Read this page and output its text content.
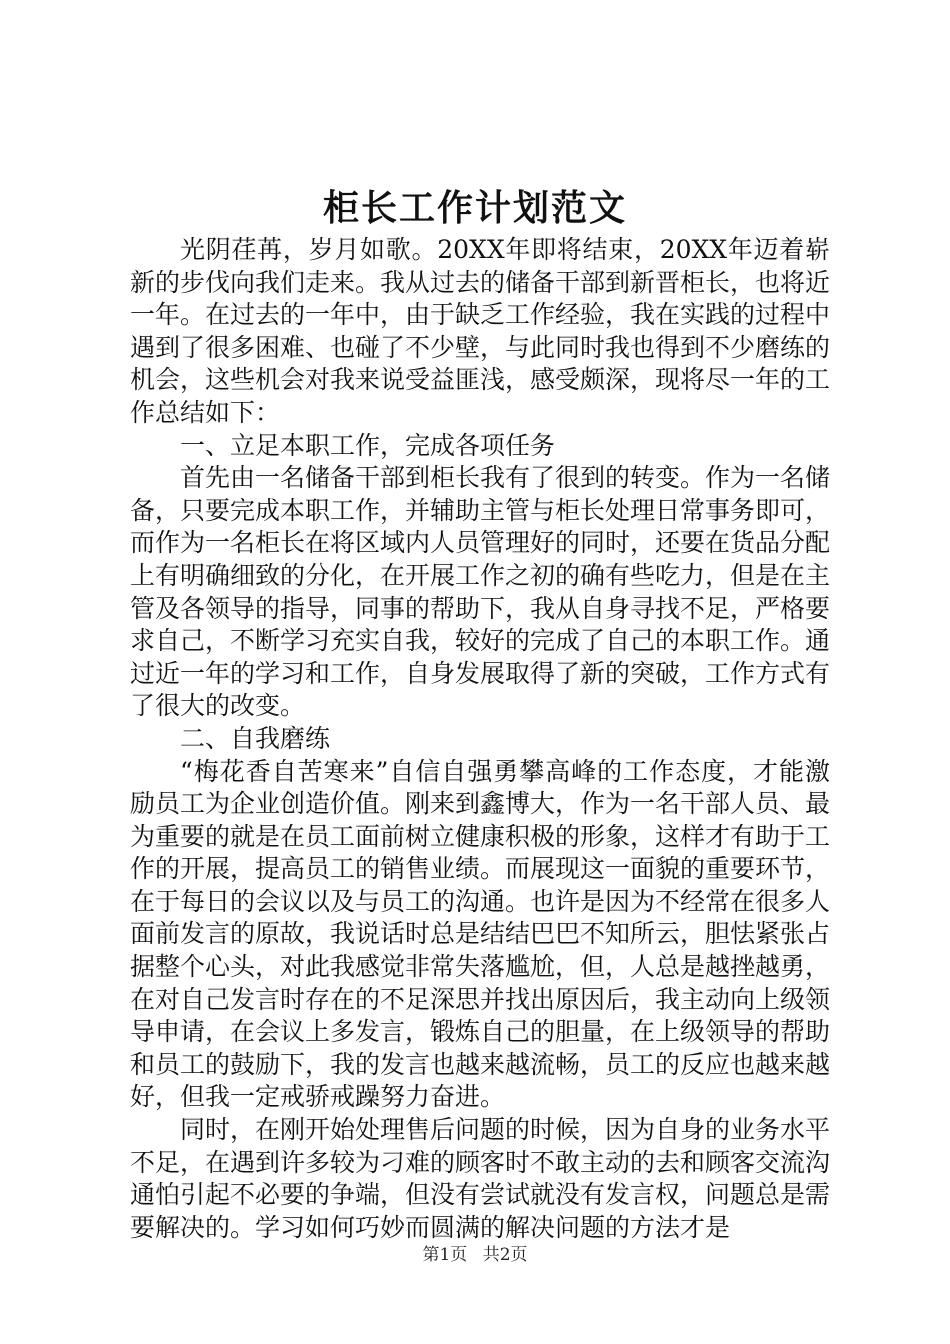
柜长工作计划范文

光阴荏苒，岁月如歌。20XX年即将结束，20XX年迈着崭新的步伐向我们走来。我从过去的储备干部到新晋柜长，也将近一年。在过去的一年中，由于缺乏工作经验，我在实践的过程中遇到了很多困难、也碰了不少壁，与此同时我也得到不少磨练的机会，这些机会对我来说受益匪浅，感受颇深，现将尽一年的工作总结如下：

一、立足本职工作，完成各项任务

首先由一名储备干部到柜长我有了很到的转变。作为一名储备，只要完成本职工作，并辅助主管与柜长处理日常事务即可，而作为一名柜长在将区域内人员管理好的同时，还要在货品分配上有明确细致的分化，在开展工作之初的确有些吃力，但是在主管及各领导的指导，同事的帮助下，我从自身寻找不足，严格要求自己，不断学习充实自我，较好的完成了自己的本职工作。通过近一年的学习和工作，自身发展取得了新的突破，工作方式有了很大的改变。

二、自我磨练

“梅花香自苦寒来”自信自强勇攀高峰的工作态度，才能激励员工为企业创造价值。刚来到鑫博大，作为一名干部人员、最为重要的就是在员工面前树立健康积极的形象，这样才有助于工作的开展，提高员工的销售业绩。而展现这一面貌的重要环节，在于每日的会议以及与员工的沟通。也许是因为不经常在很多人面前发言的原故，我说话时总是结结巴巴不知所云，胆怯紧张占据整个心头，对此我感觉非常失落尴尬，但，人总是越挫越勇，在对自己发言时存在的不足深思并找出原因后，我主动向上级领导申请，在会议上多发言，锻炼自己的胆量，在上级领导的帮助和员工的鼓励下，我的发言也越来越流畅，员工的反应也越来越好，但我一定戒骄戒躁努力奋进。

同时，在刚开始处理售后问题的时候，因为自身的业务水平不足，在遇到许多较为刁难的顾客时不敢主动的去和顾客交流沟通怕引起不必要的争端，但没有尝试就没有发言权，问题总是需要解决的。学习如何巧妙而圆满的解决问题的方法才是

第1页 共2页
